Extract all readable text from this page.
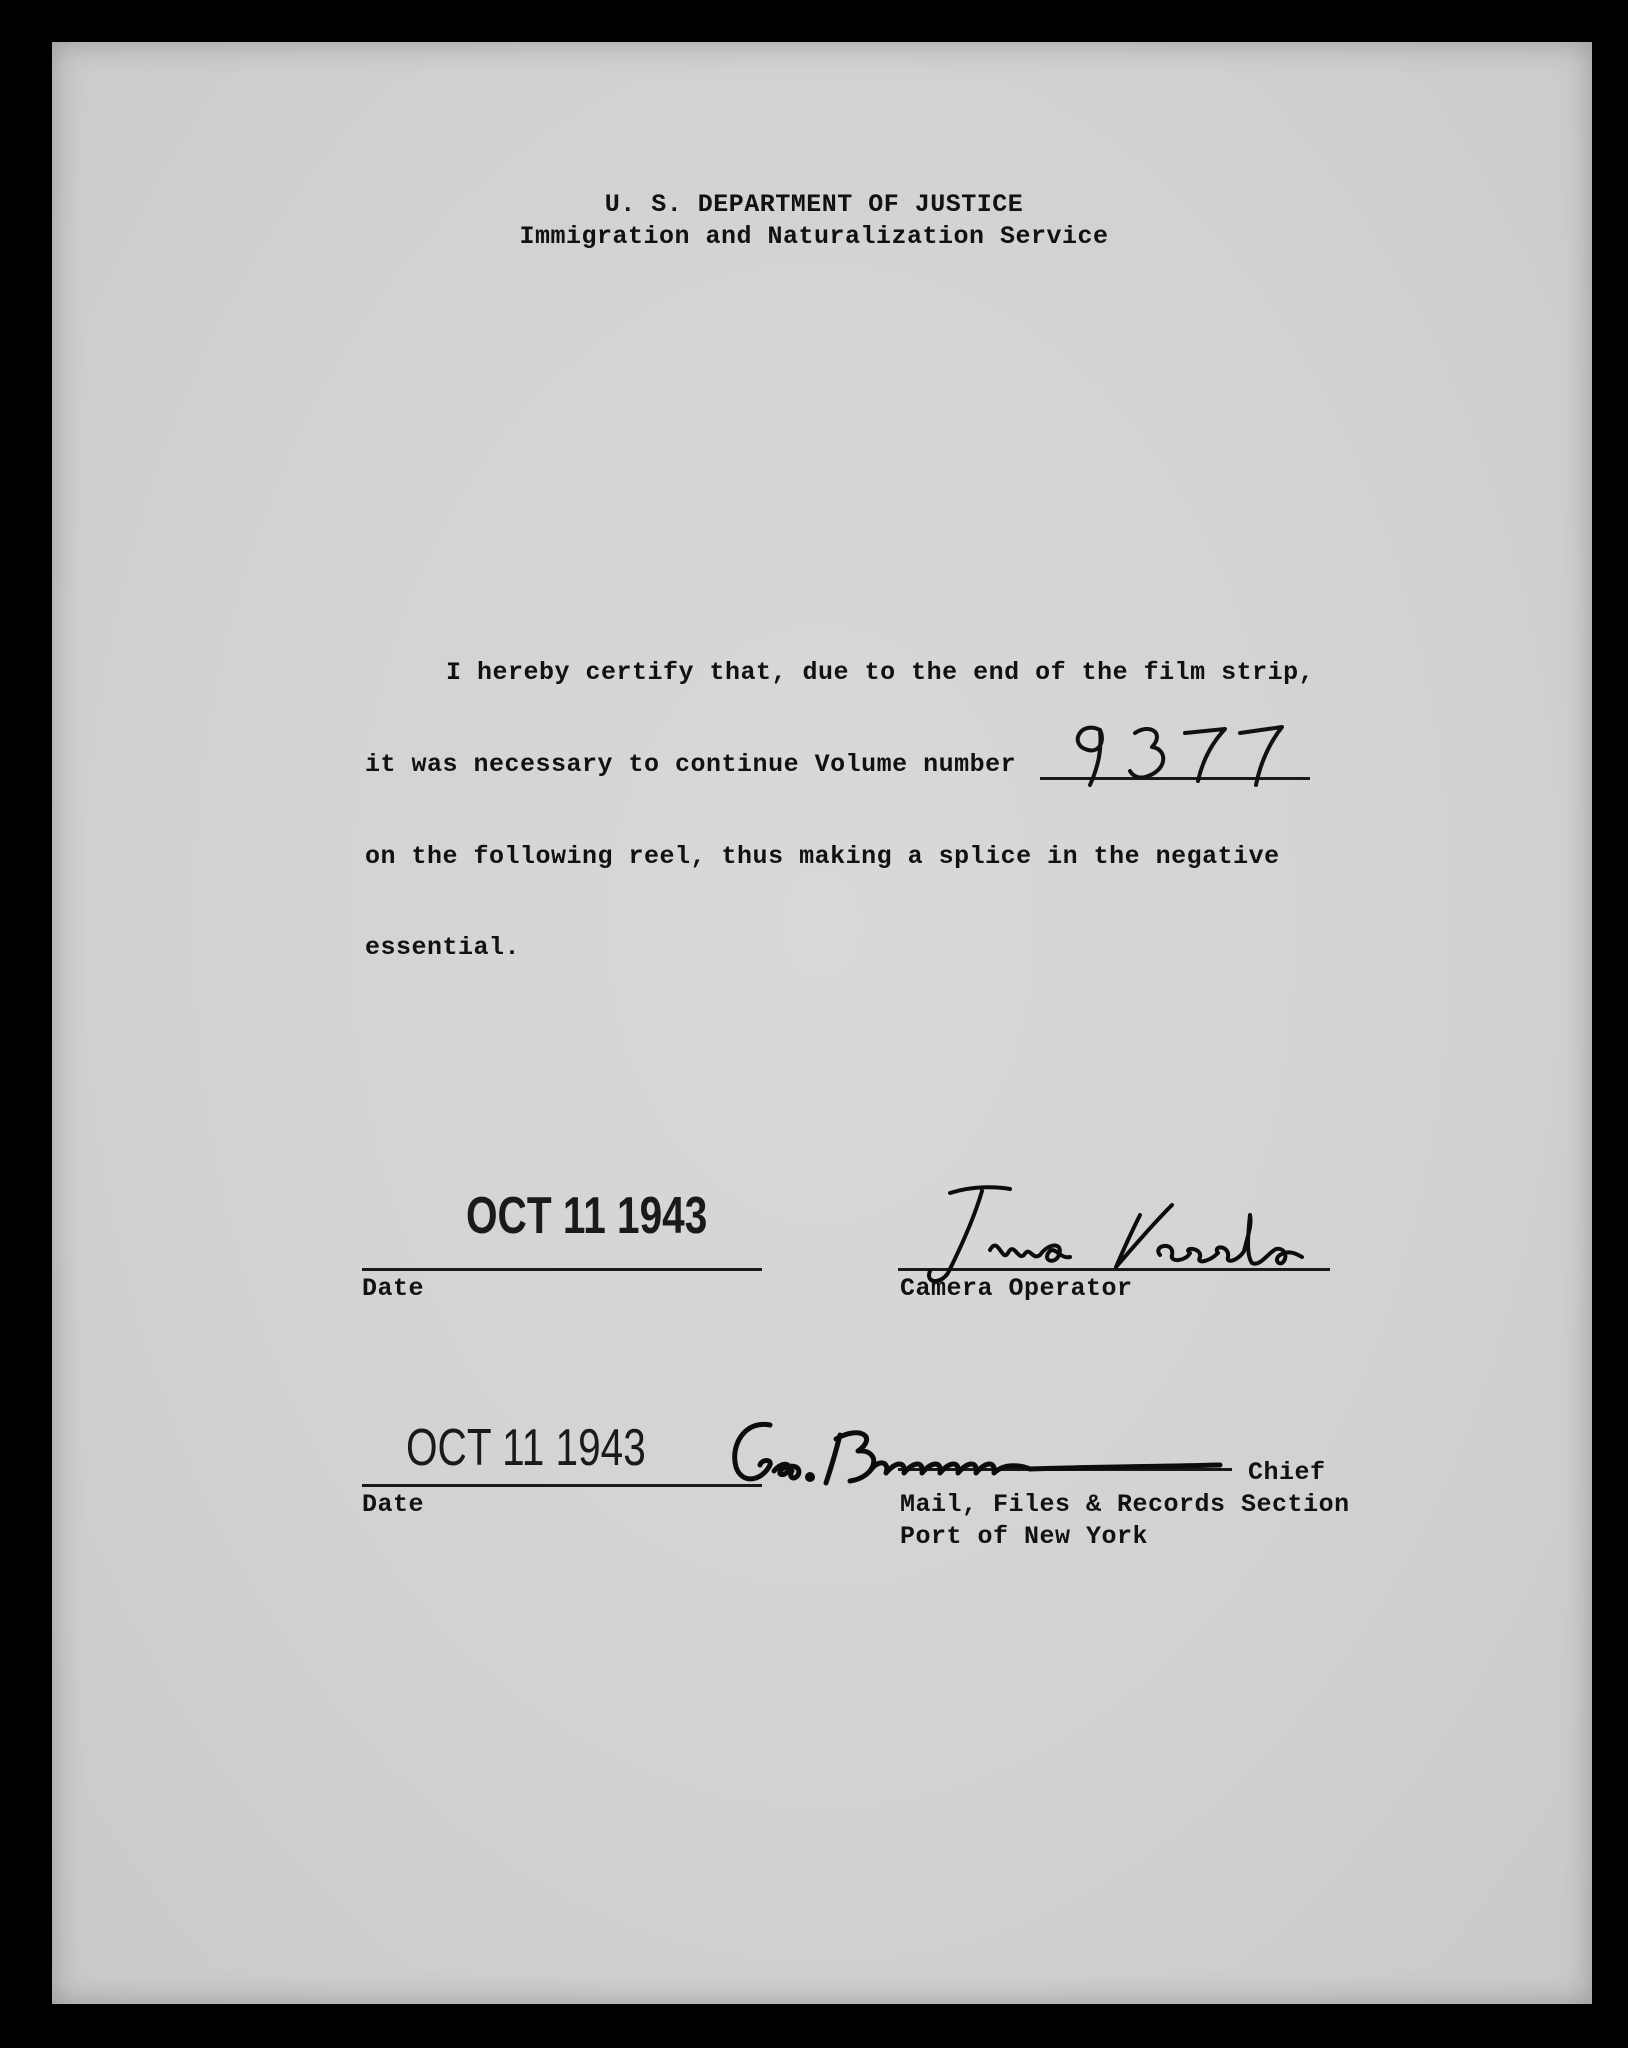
U. S. DEPARTMENT OF JUSTICE
Immigration and Naturalization Service
I hereby certify that, due to the end of the film strip,
it was necessary to continue Volume number
on the following reel, thus making a splice in the negative
essential.
OCT 11 1943
Date	Camera Operator
OCT 11 1943
Date
Chief
Mail, Files & Records Section
Port of New York
